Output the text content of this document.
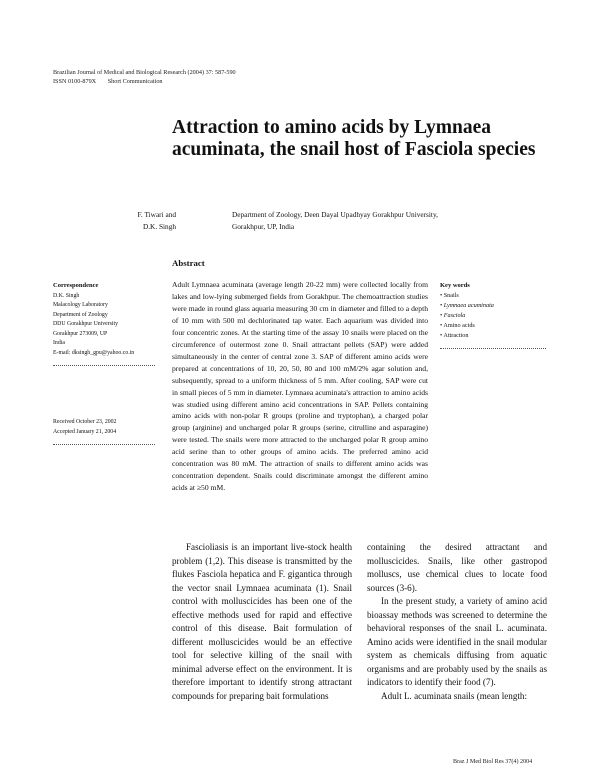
Brazilian Journal of Medical and Biological Research (2004) 37: 587-590
ISSN 0100-879X Short Communication
Attraction to amino acids by Lymnaea acuminata, the snail host of Fasciola species
F. Tiwari and
D.K. Singh
Department of Zoology, Deen Dayal Upadhyay Gorakhpur University,
Gorakhpur, UP, India
Correspondence
D.K. Singh
Malacology Laboratory
Department of Zoology
DDU Gorakhpur University
Gorakhpur 273009, UP
India
E-mail: dksingh_gpu@yahoo.co.in
Received October 23, 2002
Accepted January 21, 2004
Abstract
Adult Lymnaea acuminata (average length 20-22 mm) were collected locally from lakes and low-lying submerged fields from Gorakhpur. The chemoattraction studies were made in round glass aquaria measuring 30 cm in diameter and filled to a depth of 10 mm with 500 ml dechlorinated tap water. Each aquarium was divided into four concentric zones. At the starting time of the assay 10 snails were placed on the circumference of outermost zone 0. Snail attractant pellets (SAP) were added simultaneously in the center of central zone 3. SAP of different amino acids were prepared at concentrations of 10, 20, 50, 80 and 100 mM/2% agar solution and, subsequently, spread to a uniform thickness of 5 mm. After cooling, SAP were cut in small pieces of 5 mm in diameter. Lymnaea acuminata's attraction to amino acids was studied using different amino acid concentrations in SAP. Pellets containing amino acids with non-polar R groups (proline and tryptophan), a charged polar group (arginine) and uncharged polar R groups (serine, citrulline and asparagine) were tested. The snails were more attracted to the uncharged polar R group amino acid serine than to other groups of amino acids. The preferred amino acid concentration was 80 mM. The attraction of snails to different amino acids was concentration dependent. Snails could discriminate amongst the different amino acids at ≥50 mM.
Key words
• Snails
• Lymnaea acuminata
• Fasciola
• Amino acids
• Attraction

Fascioliasis is an important live-stock health problem (1,2). This disease is transmitted by the flukes Fasciola hepatica and F. gigantica through the vector snail Lymnaea acuminata (1). Snail control with molluscicides has been one of the effective methods used for rapid and effective control of this disease. Bait formulation of different molluscicides would be an effective tool for selective killing of the snail with minimal adverse effect on the environment. It is therefore important to identify strong attractant compounds for preparing bait formulations

containing the desired attractant and molluscicides. Snails, like other gastropod molluscs, use chemical clues to locate food sources (3-6).

In the present study, a variety of amino acid bioassay methods was screened to determine the behavioral responses of the snail L. acuminata. Amino acids were identified in the snail modular system as chemicals diffusing from aquatic organisms and are probably used by the snails as indicators to identify their food (7).

Adult L. acuminata snails (mean length:

Braz J Med Biol Res 37(4) 2004
